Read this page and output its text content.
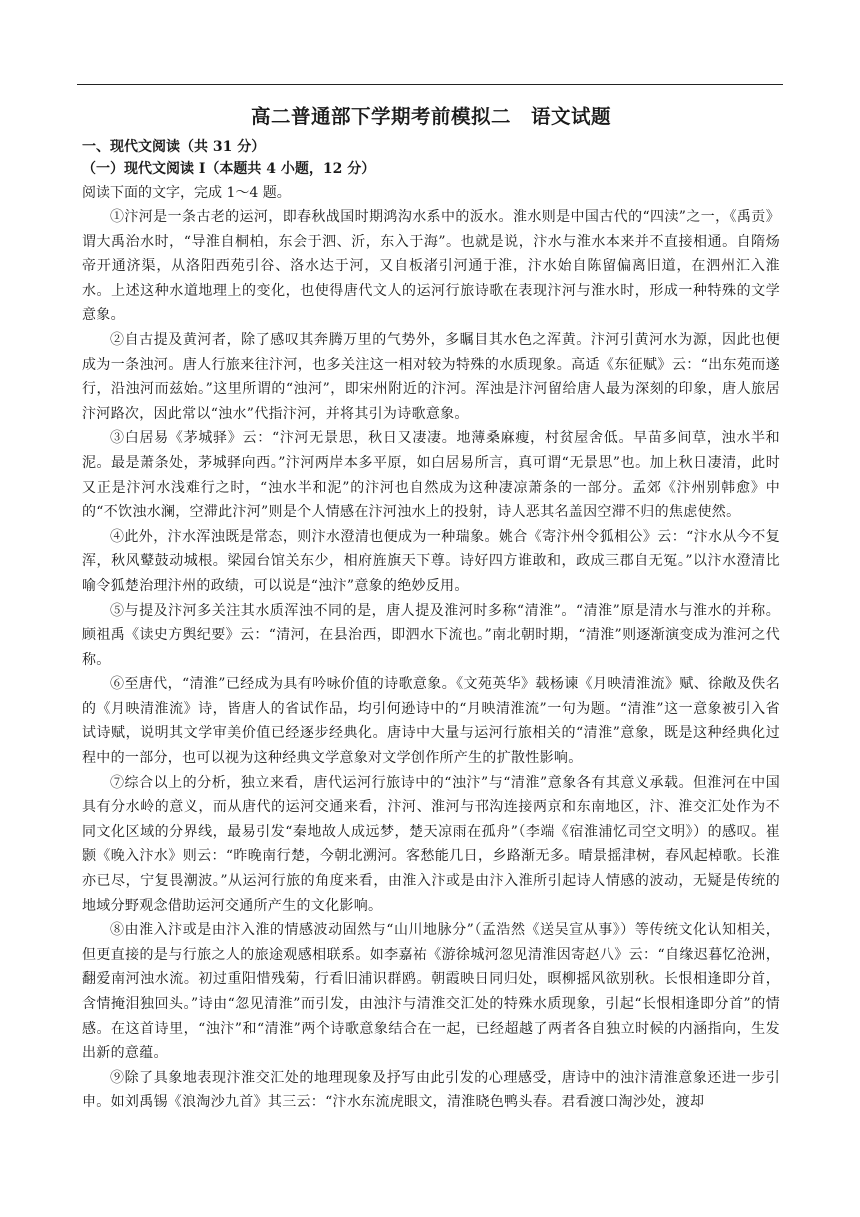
高二普通部下学期考前模拟二　语文试题

一、现代文阅读（共 31 分）

（一）现代文阅读 I（本题共 4 小题，12 分）

阅读下面的文字，完成 1～4 题。

①汴河是一条古老的运河，即春秋战国时期鸿沟水系中的汳水。淮水则是中国古代的“四渎”之一，《禹贡》谓大禹治水时，“导淮自桐柏，东会于泗、沂，东入于海”。也就是说，汴水与淮水本来并不直接相通。自隋炀帝开通济渠，从洛阳西苑引谷、洛水达于河，又自板渚引河通于淮，汴水始自陈留偏离旧道，在泗州汇入淮水。上述这种水道地理上的变化，也使得唐代文人的运河行旅诗歌在表现汴河与淮水时，形成一种特殊的文学意象。

②自古提及黄河者，除了感叹其奔腾万里的气势外，多瞩目其水色之浑黄。汴河引黄河水为源，因此也便成为一条浊河。唐人行旅来往汴河，也多关注这一相对较为特殊的水质现象。高适《东征赋》云：“出东苑而遂行，沿浊河而兹始。”这里所谓的“浊河”，即宋州附近的汴河。浑浊是汴河留给唐人最为深刻的印象，唐人旅居汴河路次，因此常以“浊水”代指汴河，并将其引为诗歌意象。

③白居易《茅城驿》云：“汴河无景思，秋日又凄凄。地薄桑麻瘦，村贫屋舍低。早苗多间草，浊水半和泥。最是萧条处，茅城驿向西。”汴河两岸本多平原，如白居易所言，真可谓“无景思”也。加上秋日凄清，此时又正是汴河水浅难行之时，“浊水半和泥”的汴河也自然成为这种凄凉萧条的一部分。孟郊《汴州别韩愈》中的“不饮浊水澜，空滞此汴河”则是个人情感在汴河浊水上的投射，诗人恶其名盖因空滞不归的焦虑使然。

④此外，汴水浑浊既是常态，则汴水澄清也便成为一种瑞象。姚合《寄汴州令狐相公》云：“汴水从今不复浑，秋风鼙鼓动城根。梁园台馆关东少，相府旌旗天下尊。诗好四方谁敢和，政成三郡自无冤。”以汴水澄清比喻令狐楚治理汴州的政绩，可以说是“浊汴”意象的绝妙反用。

⑤与提及汴河多关注其水质浑浊不同的是，唐人提及淮河时多称“清淮”。“清淮”原是清水与淮水的并称。顾祖禹《读史方舆纪要》云：“清河，在县治西，即泗水下流也。”南北朝时期，“清淮”则逐渐演变成为淮河之代称。

⑥至唐代，“清淮”已经成为具有吟咏价值的诗歌意象。《文苑英华》载杨谏《月映清淮流》赋、徐敞及佚名的《月映清淮流》诗，皆唐人的省试作品，均引何逊诗中的“月映清淮流”一句为题。“清淮”这一意象被引入省试诗赋，说明其文学审美价值已经逐步经典化。唐诗中大量与运河行旅相关的“清淮”意象，既是这种经典化过程中的一部分，也可以视为这种经典文学意象对文学创作所产生的扩散性影响。

⑦综合以上的分析，独立来看，唐代运河行旅诗中的“浊汴”与“清淮”意象各有其意义承载。但淮河在中国具有分水岭的意义，而从唐代的运河交通来看，汴河、淮河与邗沟连接两京和东南地区，汴、淮交汇处作为不同文化区域的分界线，最易引发“秦地故人成远梦，楚天凉雨在孤舟”（李端《宿淮浦忆司空文明》）的感叹。崔颢《晚入汴水》则云：“昨晚南行楚，今朝北溯河。客愁能几日，乡路渐无多。晴景摇津树，春风起棹歌。长淮亦已尽，宁复畏潮波。”从运河行旅的角度来看，由淮入汴或是由汴入淮所引起诗人情感的波动，无疑是传统的地域分野观念借助运河交通所产生的文化影响。

⑧由淮入汴或是由汴入淮的情感波动固然与“山川地脉分”（孟浩然《送吴宣从事》）等传统文化认知相关，但更直接的是与行旅之人的旅途观感相联系。如李嘉祐《游徐城河忽见清淮因寄赵八》云：“自缘迟暮忆沧洲，翻爱南河浊水流。初过重阳惜残菊，行看旧浦识群鸥。朝霞映日同归处，暝柳摇风欲别秋。长恨相逢即分首，含情掩泪独回头。”诗由“忽见清淮”而引发，由浊汴与清淮交汇处的特殊水质现象，引起“长恨相逢即分首”的情感。在这首诗里，“浊汴”和“清淮”两个诗歌意象结合在一起，已经超越了两者各自独立时候的内涵指向，生发出新的意蕴。

⑨除了具象地表现汴淮交汇处的地理现象及抒写由此引发的心理感受，唐诗中的浊汴清淮意象还进一步引申。如刘禹锡《浪淘沙九首》其三云：“汴水东流虎眼文，清淮晓色鸭头春。君看渡口淘沙处，渡却
